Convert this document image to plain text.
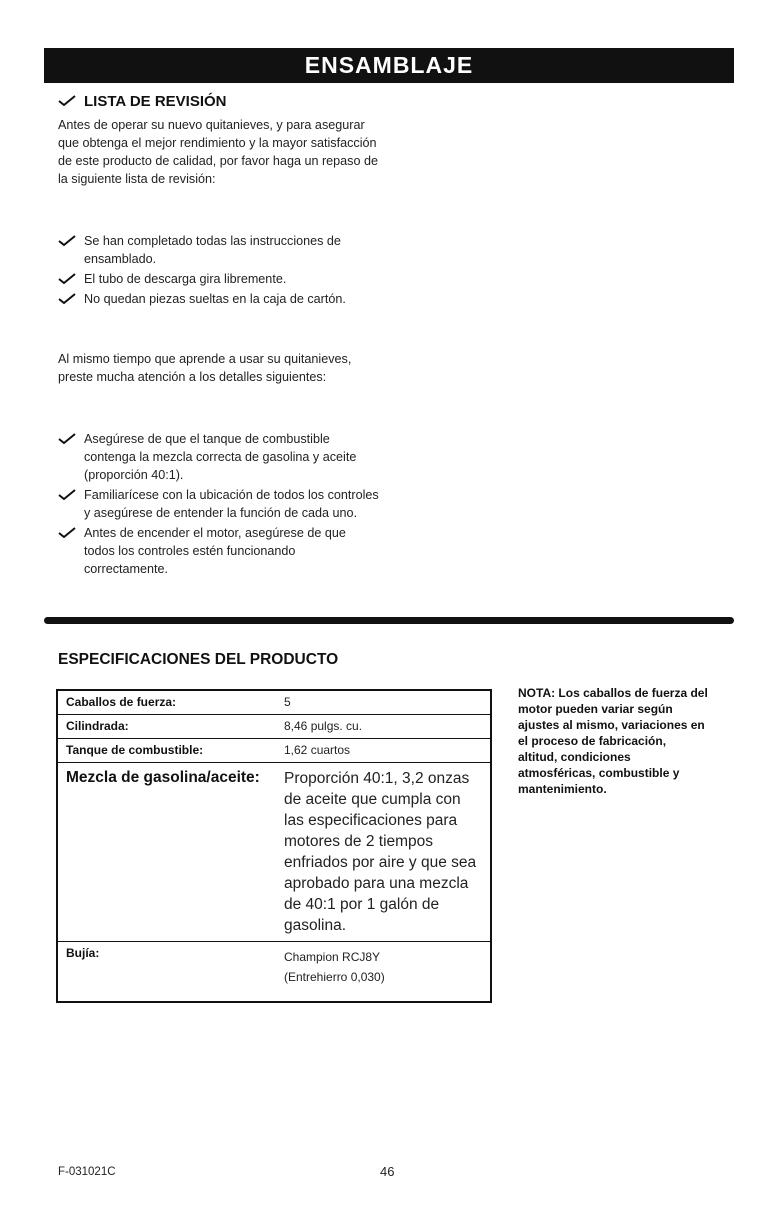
ENSAMBLAJE
LISTA DE REVISIÓN

Antes de operar su nuevo quitanieves, y para asegurar que obtenga el mejor rendimiento y la mayor satisfacción de este producto de calidad, por favor haga un repaso de la siguiente lista de revisión:

Se han completado todas las instrucciones de ensamblado.
El tubo de descarga gira libremente.
No quedan piezas sueltas en la caja de cartón.

Al mismo tiempo que aprende a usar su quitanieves, preste mucha atención a los detalles siguientes:

Asegúrese de que el tanque de combustible contenga la mezcla correcta de gasolina y aceite (proporción 40:1).
Familiarícese con la ubicación de todos los controles y asegúrese de entender la función de cada uno.
Antes de encender el motor, asegúrese de que todos los controles estén funcionando correctamente.
ESPECIFICACIONES DEL PRODUCTO
Caballos de fuerza:	5
Cilindrada:	8,46 pulgs. cu.
Tanque de combustible:	1,62 cuartos
Mezcla de gasolina/aceite:	Proporción 40:1, 3,2 onzas de aceite que cumpla con las especificaciones para motores de 2 tiempos enfriados por aire y que sea aprobado para una mezcla de 40:1 por 1 galón de gasolina.
Bujía:	Champion RCJ8Y
(Entrehierro 0,030)

NOTA: Los caballos de fuerza del motor pueden variar según ajustes al mismo, variaciones en el proceso de fabricación, altitud, condiciones atmosféricas, combustible y mantenimiento.

F-031021C	46
